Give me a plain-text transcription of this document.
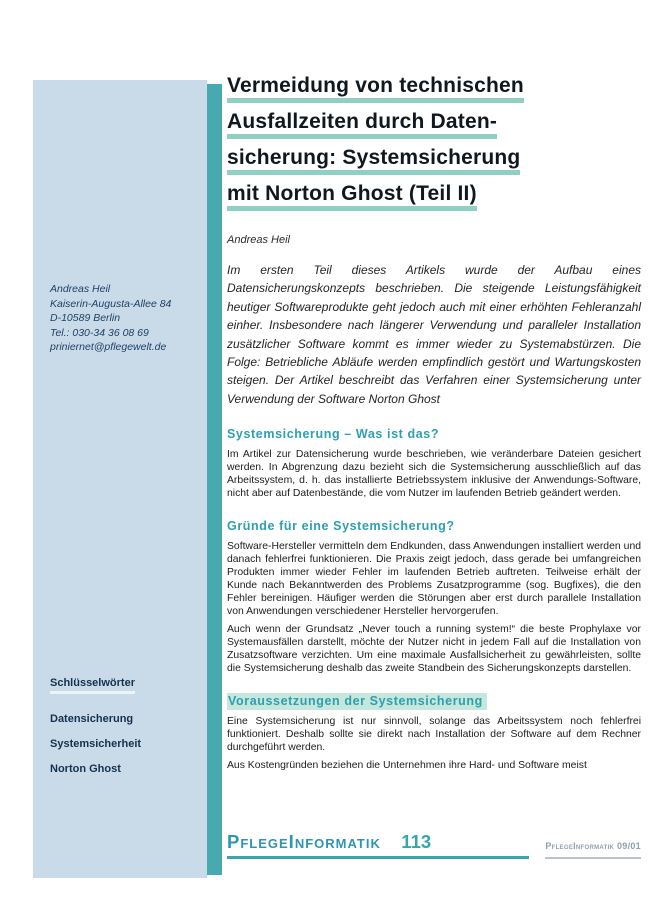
Andreas Heil
Kaiserin-Augusta-Allee 84
D-10589 Berlin
Tel.: 030-34 36 08 69
priniernet@pflegewelt.de
Schlüsselwörter
Datensicherung
Systemsicherheit
Norton Ghost
Vermeidung von technischen
Ausfallzeiten durch Daten-
sicherung: Systemsicherung
mit Norton Ghost (Teil II)
Andreas Heil
Im ersten Teil dieses Artikels wurde der Aufbau eines Datensicherungskonzepts beschrieben. Die steigende Leistungsfähigkeit heutiger Softwareprodukte geht jedoch auch mit einer erhöhten Fehleranzahl einher. Insbesondere nach längerer Verwendung und paralleler Installation zusätzlicher Software kommt es immer wieder zu Systemabstürzen. Die Folge: Betriebliche Abläufe werden empfindlich gestört und Wartungskosten steigen. Der Artikel beschreibt das Verfahren einer Systemsicherung unter Verwendung der Software Norton Ghost
Systemsicherung – Was ist das?

Im Artikel zur Datensicherung wurde beschrieben, wie veränderbare Dateien gesichert werden. In Abgrenzung dazu bezieht sich die Systemsicherung ausschließlich auf das Arbeitssystem, d. h. das installierte Betriebssystem inklusive der Anwendungs-Software, nicht aber auf Datenbestände, die vom Nutzer im laufenden Betrieb geändert werden.

Gründe für eine Systemsicherung?

Software-Hersteller vermitteln dem Endkunden, dass Anwendungen installiert werden und danach fehlerfrei funktionieren. Die Praxis zeigt jedoch, dass gerade bei umfangreichen Produkten immer wieder Fehler im laufenden Betrieb auftreten. Teilweise erhält der Kunde nach Bekanntwerden des Problems Zusatzprogramme (sog. Bugfixes), die den Fehler bereinigen. Häufiger werden die Störungen aber erst durch parallele Installation von Anwendungen verschiedener Hersteller hervorgerufen.

Auch wenn der Grundsatz „Never touch a running system!“ die beste Prophylaxe vor Systemausfällen darstellt, möchte der Nutzer nicht in jedem Fall auf die Installation von Zusatzsoftware verzichten. Um eine maximale Ausfallsicherheit zu gewährleisten, sollte die Systemsicherung deshalb das zweite Standbein des Sicherungskonzepts darstellen.

Voraussetzungen der Systemsicherung

Eine Systemsicherung ist nur sinnvoll, solange das Arbeitssystem noch fehlerfrei funktioniert. Deshalb sollte sie direkt nach Installation der Software auf dem Rechner durchgeführt werden.

Aus Kostengründen beziehen die Unternehmen ihre Hard- und Software meist

PflegeInformatik 113	PflegeInformatik 09/01
